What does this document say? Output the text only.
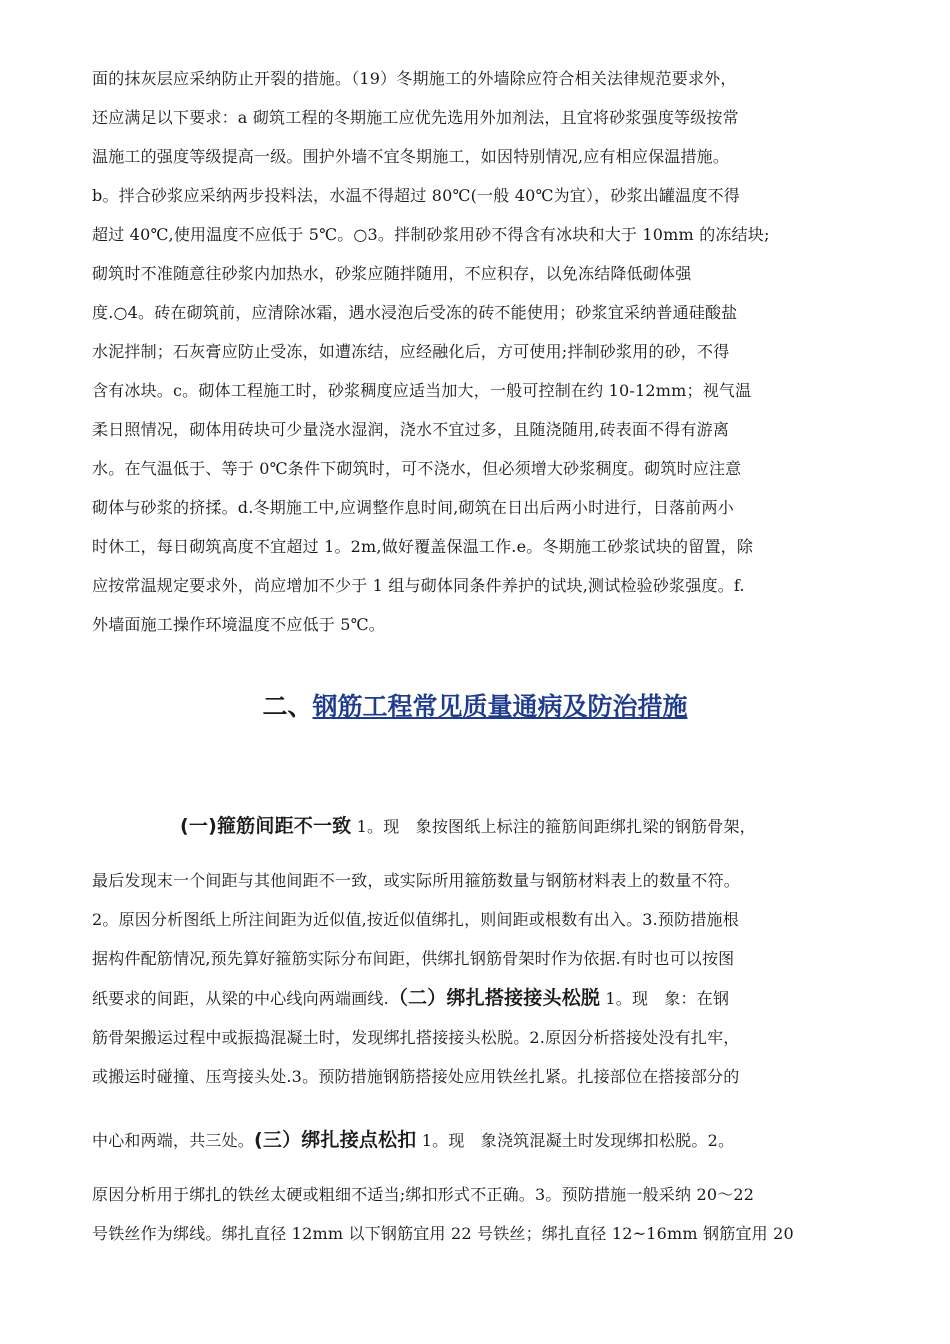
面的抹灰层应采纳防止开裂的措施。（19）冬期施工的外墙除应符合相关法律规范要求外，
还应满足以下要求：a 砌筑工程的冬期施工应优先选用外加剂法，且宜将砂浆强度等级按常
温施工的强度等级提高一级。围护外墙不宜冬期施工，如因特别情况,应有相应保温措施。
b。拌合砂浆应采纳两步投料法，水温不得超过 80℃(一般 40℃为宜），砂浆出罐温度不得
超过 40℃,使用温度不应低于 5℃。○3。拌制砂浆用砂不得含有冰块和大于 10mm 的冻结块;
砌筑时不准随意往砂浆内加热水，砂浆应随拌随用，不应积存，以免冻结降低砌体强
度.○4。砖在砌筑前，应清除冰霜，遇水浸泡后受冻的砖不能使用；砂浆宜采纳普通硅酸盐
水泥拌制；石灰膏应防止受冻，如遭冻结，应经融化后，方可使用;拌制砂浆用的砂，不得
含有冰块。c。砌体工程施工时，砂浆稠度应适当加大，一般可控制在约 10-12mm；视气温
柔日照情况，砌体用砖块可少量浇水湿润，浇水不宜过多，且随浇随用,砖表面不得有游离
水。在气温低于、等于 0℃条件下砌筑时，可不浇水，但必须增大砂浆稠度。砌筑时应注意
砌体与砂浆的挤揉。d.冬期施工中,应调整作息时间,砌筑在日出后两小时进行，日落前两小
时休工，每日砌筑高度不宜超过 1。2m,做好覆盖保温工作.e。冬期施工砂浆试块的留置，除
应按常温规定要求外，尚应增加不少于 1 组与砌体同条件养护的试块,测试检验砂浆强度。f.
外墙面施工操作环境温度不应低于 5℃。
二、钢筋工程常见质量通病及防治措施
(一)箍筋间距不一致 1。现　象按图纸上标注的箍筋间距绑扎梁的钢筋骨架，
最后发现末一个间距与其他间距不一致，或实际所用箍筋数量与钢筋材料表上的数量不符。
2。原因分析图纸上所注间距为近似值,按近似值绑扎，则间距或根数有出入。3.预防措施根
据构件配筋情况,预先算好箍筋实际分布间距，供绑扎钢筋骨架时作为依据.有时也可以按图
纸要求的间距，从梁的中心线向两端画线.（二）绑扎搭接接头松脱 1。现　象：在钢
筋骨架搬运过程中或振捣混凝土时，发现绑扎搭接接头松脱。2.原因分析搭接处没有扎牢，
或搬运时碰撞、压弯接头处.3。预防措施钢筋搭接处应用铁丝扎紧。扎接部位在搭接部分的
中心和两端，共三处。(三）绑扎接点松扣 1。现　象浇筑混凝土时发现绑扣松脱。2。
原因分析用于绑扎的铁丝太硬或粗细不适当;绑扣形式不正确。3。预防措施一般采纳 20～22
号铁丝作为绑线。绑扎直径 12mm 以下钢筋宜用 22 号铁丝；绑扎直径 12~16mm 钢筋宜用 20
